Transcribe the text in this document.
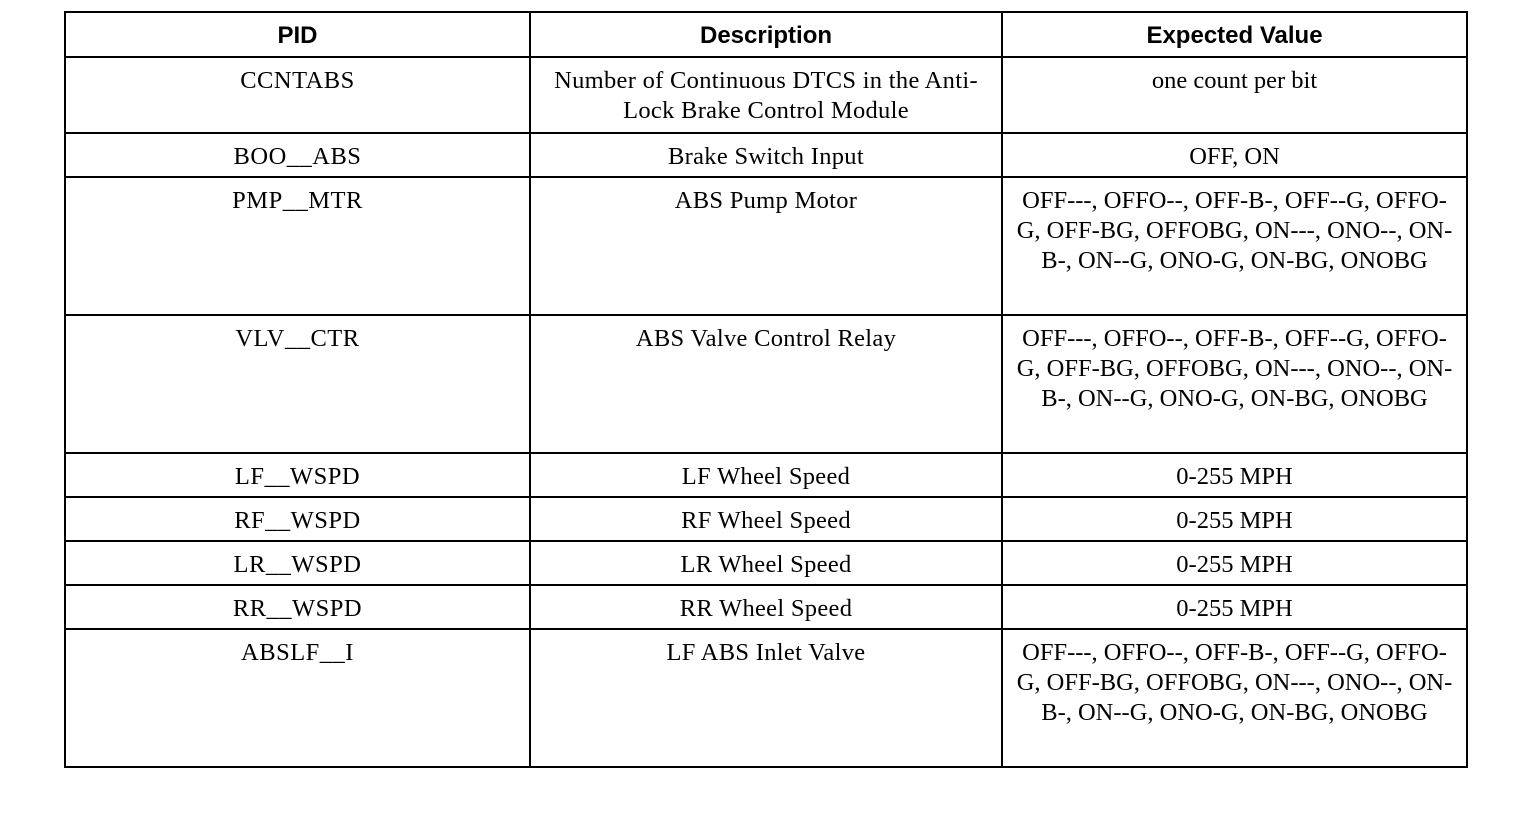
PID	Description	Expected Value
CCNTABS	Number of Continuous DTCS in the Anti-Lock Brake Control Module	one count per bit
BOO__ABS	Brake Switch Input	OFF, ON
PMP__MTR	ABS Pump Motor	OFF---, OFFO--, OFF-B-, OFF--G, OFFO-G, OFF-BG, OFFOBG, ON---, ONO--, ON-B-, ON--G, ONO-G, ON-BG, ONOBG
VLV__CTR	ABS Valve Control Relay	OFF---, OFFO--, OFF-B-, OFF--G, OFFO-G, OFF-BG, OFFOBG, ON---, ONO--, ON-B-, ON--G, ONO-G, ON-BG, ONOBG
LF__WSPD	LF Wheel Speed	0-255 MPH
RF__WSPD	RF Wheel Speed	0-255 MPH
LR__WSPD	LR Wheel Speed	0-255 MPH
RR__WSPD	RR Wheel Speed	0-255 MPH
ABSLF__I	LF ABS Inlet Valve	OFF---, OFFO--, OFF-B-, OFF--G, OFFO-G, OFF-BG, OFFOBG, ON---, ONO--, ON-B-, ON--G, ONO-G, ON-BG, ONOBG
